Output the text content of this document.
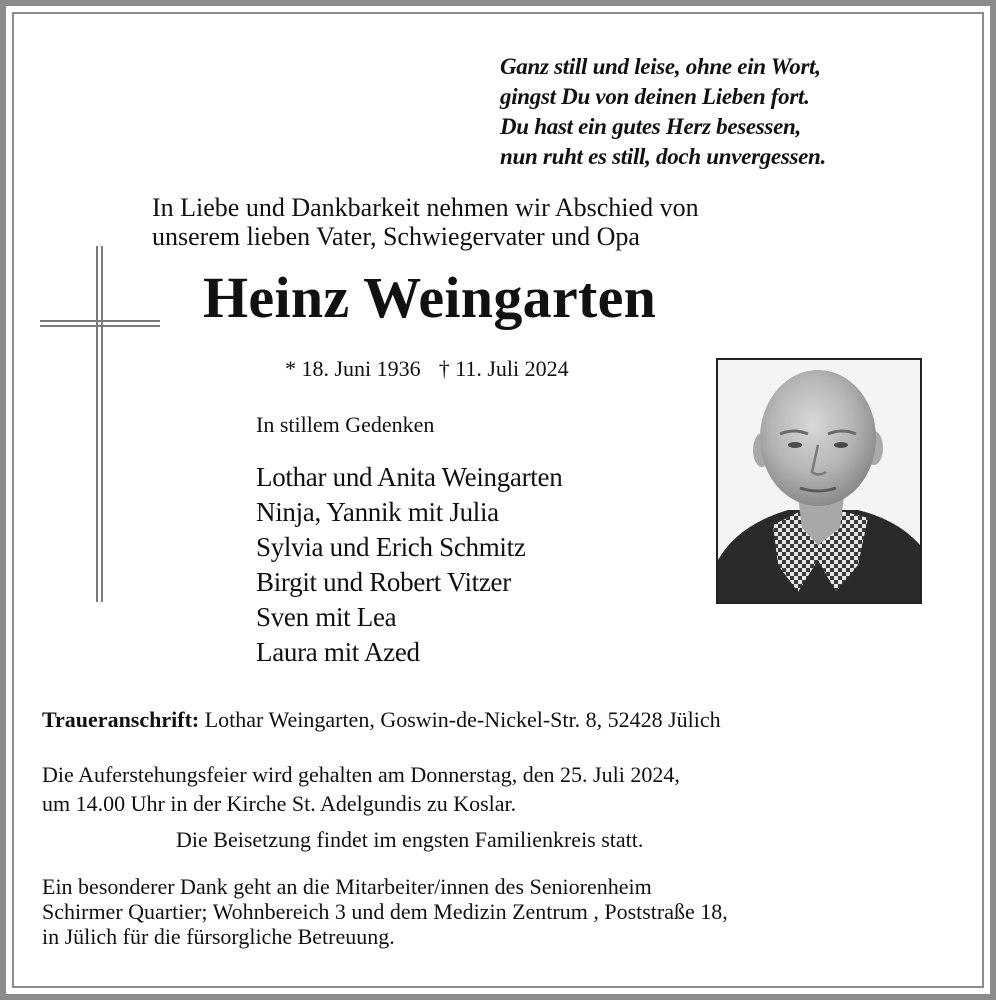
Ganz still und leise, ohne ein Wort,
gingst Du von deinen Lieben fort.
Du hast ein gutes Herz besessen,
nun ruht es still, doch unvergessen.
In Liebe und Dankbarkeit nehmen wir Abschied von
unserem lieben Vater, Schwiegervater und Opa
Heinz Weingarten
* 18. Juni 1936 † 11. Juli 2024
In stillem Gedenken
Lothar und Anita Weingarten
Ninja, Yannik mit Julia
Sylvia und Erich Schmitz
Birgit und Robert Vitzer
Sven mit Lea
Laura mit Azed
Traueranschrift: Lothar Weingarten, Goswin-de-Nickel-Str. 8, 52428 Jülich
Die Auferstehungsfeier wird gehalten am Donnerstag, den 25. Juli 2024,
um 14.00 Uhr in der Kirche St. Adelgundis zu Koslar.
Die Beisetzung findet im engsten Familienkreis statt.
Ein besonderer Dank geht an die Mitarbeiter/innen des Seniorenheim
Schirmer Quartier; Wohnbereich 3 und dem Medizin Zentrum , Poststraße 18,
in Jülich für die fürsorgliche Betreuung.
